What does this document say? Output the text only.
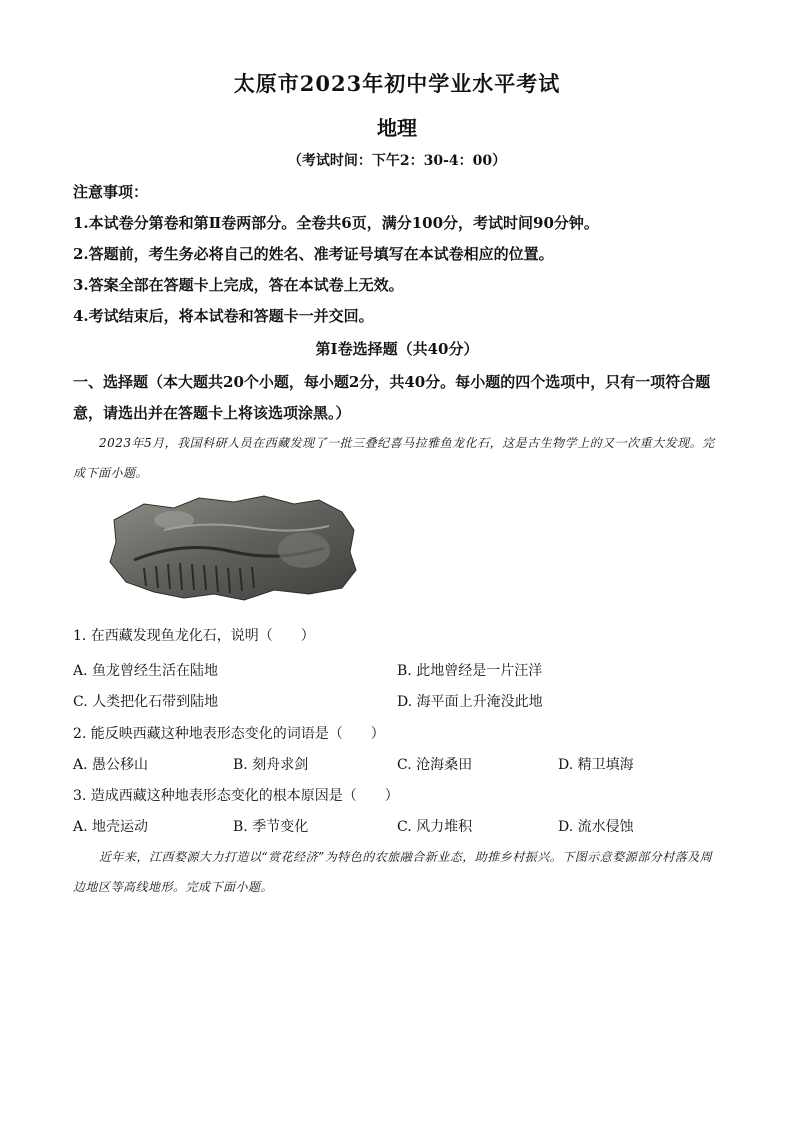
太原市2023年初中学业水平考试
地理
（考试时间：下午2：30-4：00）
注意事项：
1.本试卷分第卷和第Ⅱ卷两部分。全卷共6页，满分100分，考试时间90分钟。
2.答题前，考生务必将自己的姓名、准考证号填写在本试卷相应的位置。
3.答案全部在答题卡上完成，答在本试卷上无效。
4.考试结束后，将本试卷和答题卡一并交回。
第Ⅰ卷选择题（共40分）
一、选择题（本大题共20个小题，每小题2分，共40分。每小题的四个选项中，只有一项符合题意，请选出并在答题卡上将该选项涂黑。）
2023年5月，我国科研人员在西藏发现了一批三叠纪喜马拉雅鱼龙化石，这是古生物学上的又一次重大发现。完成下面小题。
1. 在西藏发现鱼龙化石，说明（　　）
A. 鱼龙曾经生活在陆地	B. 此地曾经是一片汪洋
C. 人类把化石带到陆地	D. 海平面上升淹没此地
2. 能反映西藏这种地表形态变化的词语是（　　）
A. 愚公移山	B. 刻舟求剑	C. 沧海桑田	D. 精卫填海
3. 造成西藏这种地表形态变化的根本原因是（　　）
A. 地壳运动	B. 季节变化	C. 风力堆积	D. 流水侵蚀
近年来，江西婺源大力打造以“赏花经济”为特色的农旅融合新业态，助推乡村振兴。下图示意婺源部分村落及周边地区等高线地形。完成下面小题。
